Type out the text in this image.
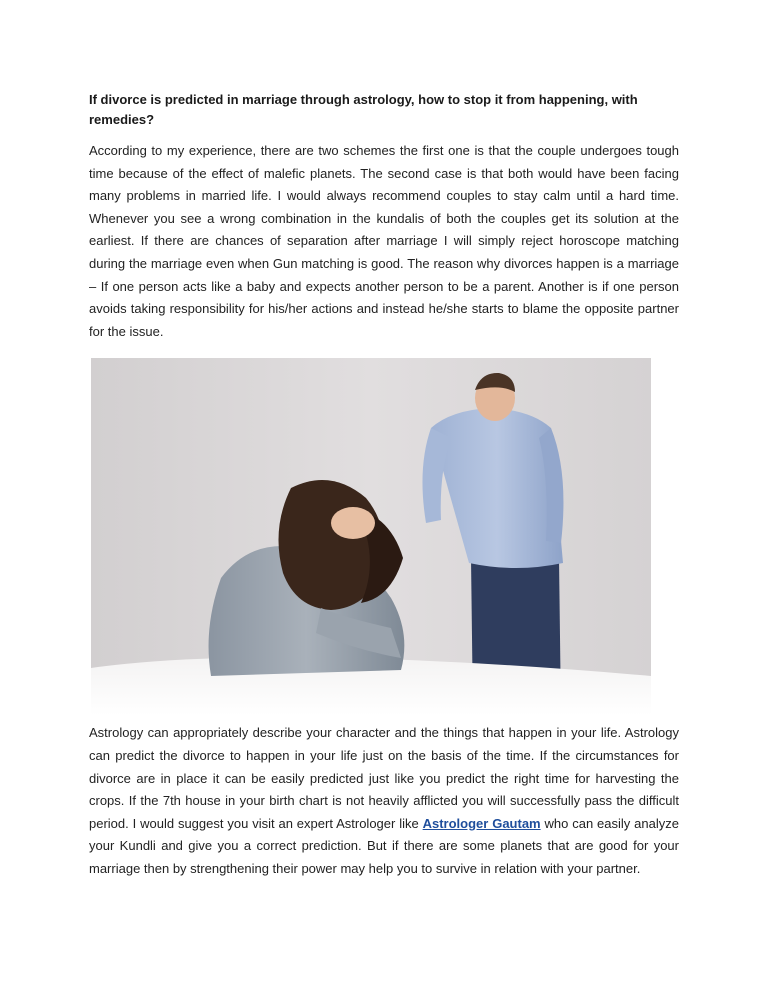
If divorce is predicted in marriage through astrology, how to stop it from happening, with remedies?

According to my experience, there are two schemes the first one is that the couple undergoes tough time because of the effect of malefic planets. The second case is that both would have been facing many problems in married life. I would always recommend couples to stay calm until a hard time. Whenever you see a wrong combination in the kundalis of both the couples get its solution at the earliest. If there are chances of separation after marriage I will simply reject horoscope matching during the marriage even when Gun matching is good. The reason why divorces happen is a marriage – If one person acts like a baby and expects another person to be a parent. Another is if one person avoids taking responsibility for his/her actions and instead he/she starts to blame the opposite partner for the issue.

Astrology can appropriately describe your character and the things that happen in your life. Astrology can predict the divorce to happen in your life just on the basis of the time. If the circumstances for divorce are in place it can be easily predicted just like you predict the right time for harvesting the crops. If the 7th house in your birth chart is not heavily afflicted you will successfully pass the difficult period. I would suggest you visit an expert Astrologer like Astrologer Gautam who can easily analyze your Kundli and give you a correct prediction. But if there are some planets that are good for your marriage then by strengthening their power may help you to survive in relation with your partner.
